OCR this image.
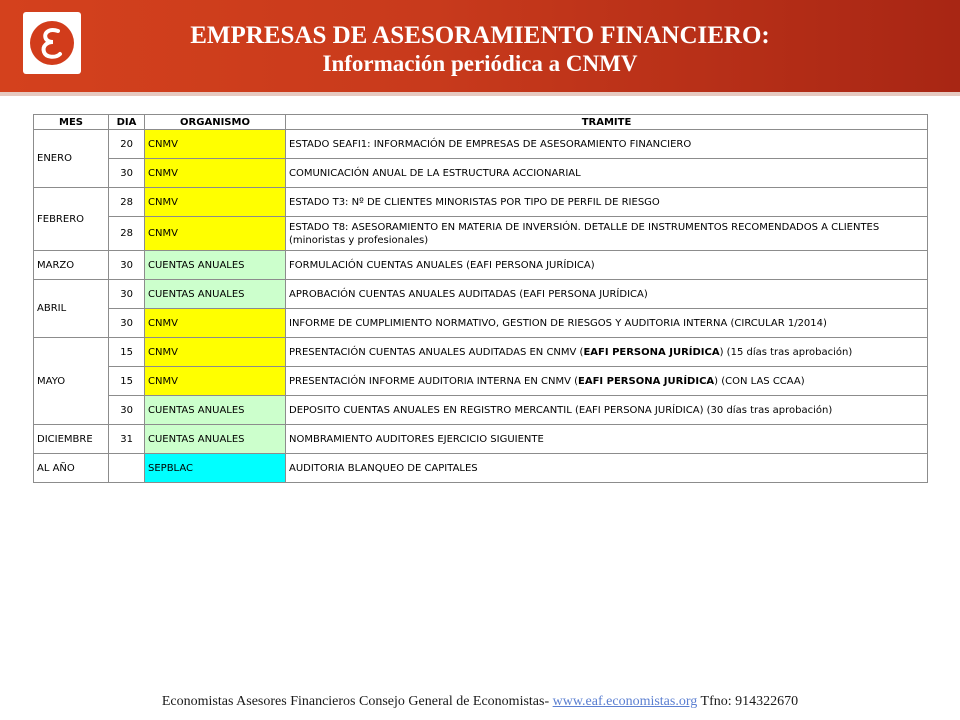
EMPRESAS DE ASESORAMIENTO FINANCIERO:
Información periódica a CNMV
MES	DIA	ORGANISMO	TRAMITE
ENERO	20	CNMV	ESTADO SEAFI1: INFORMACIÓN DE EMPRESAS DE ASESORAMIENTO FINANCIERO
	30	CNMV	COMUNICACIÓN ANUAL DE LA ESTRUCTURA ACCIONARIAL
FEBRERO	28	CNMV	ESTADO T3: Nº DE CLIENTES MINORISTAS POR TIPO DE PERFIL DE RIESGO
	28	CNMV	ESTADO T8: ASESORAMIENTO EN MATERIA DE INVERSIÓN. DETALLE DE INSTRUMENTOS RECOMENDADOS A CLIENTES (minoristas y profesionales)
MARZO	30	CUENTAS ANUALES	FORMULACIÓN CUENTAS ANUALES (EAFI PERSONA JURÍDICA)
ABRIL	30	CUENTAS ANUALES	APROBACIÓN CUENTAS ANUALES AUDITADAS (EAFI PERSONA JURÍDICA)
	30	CNMV	INFORME DE CUMPLIMIENTO NORMATIVO, GESTION DE RIESGOS Y AUDITORIA INTERNA (CIRCULAR 1/2014)
MAYO	15	CNMV	PRESENTACIÓN CUENTAS ANUALES AUDITADAS EN CNMV (EAFI PERSONA JURÍDICA) (15 días tras aprobación)
	15	CNMV	PRESENTACIÓN INFORME AUDITORIA INTERNA EN CNMV (EAFI PERSONA JURÍDICA) (CON LAS CCAA)
	30	CUENTAS ANUALES	DEPOSITO CUENTAS ANUALES EN REGISTRO MERCANTIL (EAFI PERSONA JURÍDICA) (30 días tras aprobación)
DICIEMBRE	31	CUENTAS ANUALES	NOMBRAMIENTO AUDITORES EJERCICIO SIGUIENTE
AL AÑO		SEPBLAC	AUDITORIA BLANQUEO DE CAPITALES
Economistas Asesores Financieros Consejo General de Economistas- www.eaf.economistas.org Tfno: 914322670
